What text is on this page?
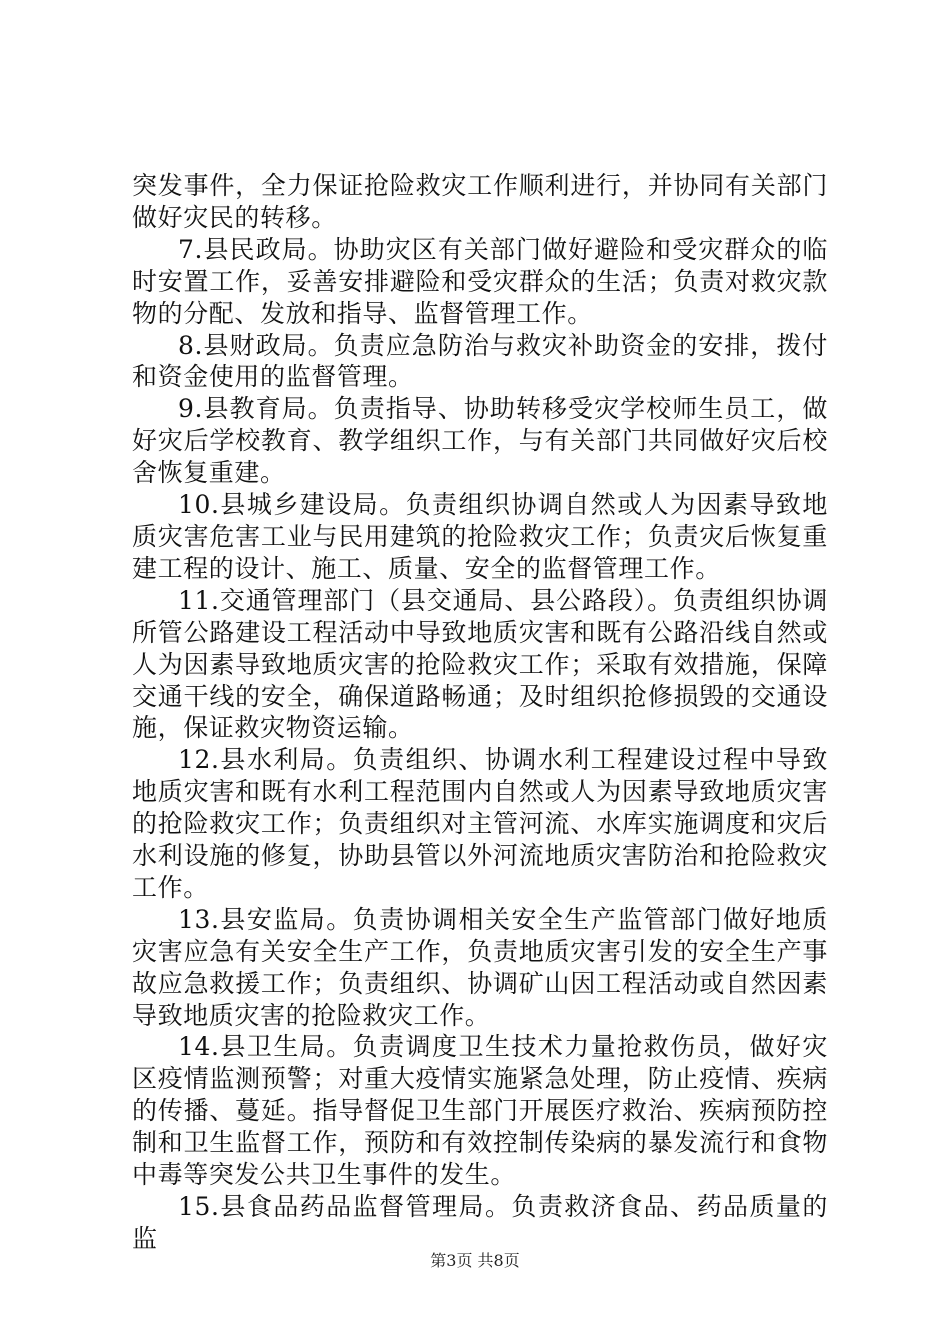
突发事件，全力保证抢险救灾工作顺利进行，并协同有关部门做好灾民的转移。

7.县民政局。协助灾区有关部门做好避险和受灾群众的临时安置工作，妥善安排避险和受灾群众的生活；负责对救灾款物的分配、发放和指导、监督管理工作。

8.县财政局。负责应急防治与救灾补助资金的安排，拨付和资金使用的监督管理。

9.县教育局。负责指导、协助转移受灾学校师生员工，做好灾后学校教育、教学组织工作，与有关部门共同做好灾后校舍恢复重建。

10.县城乡建设局。负责组织协调自然或人为因素导致地质灾害危害工业与民用建筑的抢险救灾工作；负责灾后恢复重建工程的设计、施工、质量、安全的监督管理工作。

11.交通管理部门（县交通局、县公路段）。负责组织协调所管公路建设工程活动中导致地质灾害和既有公路沿线自然或人为因素导致地质灾害的抢险救灾工作；采取有效措施，保障交通干线的安全，确保道路畅通；及时组织抢修损毁的交通设施，保证救灾物资运输。

12.县水利局。负责组织、协调水利工程建设过程中导致地质灾害和既有水利工程范围内自然或人为因素导致地质灾害的抢险救灾工作；负责组织对主管河流、水库实施调度和灾后水利设施的修复，协助县管以外河流地质灾害防治和抢险救灾工作。

13.县安监局。负责协调相关安全生产监管部门做好地质灾害应急有关安全生产工作，负责地质灾害引发的安全生产事故应急救援工作；负责组织、协调矿山因工程活动或自然因素导致地质灾害的抢险救灾工作。

14.县卫生局。负责调度卫生技术力量抢救伤员，做好灾区疫情监测预警；对重大疫情实施紧急处理，防止疫情、疾病的传播、蔓延。指导督促卫生部门开展医疗救治、疾病预防控制和卫生监督工作，预防和有效控制传染病的暴发流行和食物中毒等突发公共卫生事件的发生。

15.县食品药品监督管理局。负责救济食品、药品质量的监

第3页 共8页
